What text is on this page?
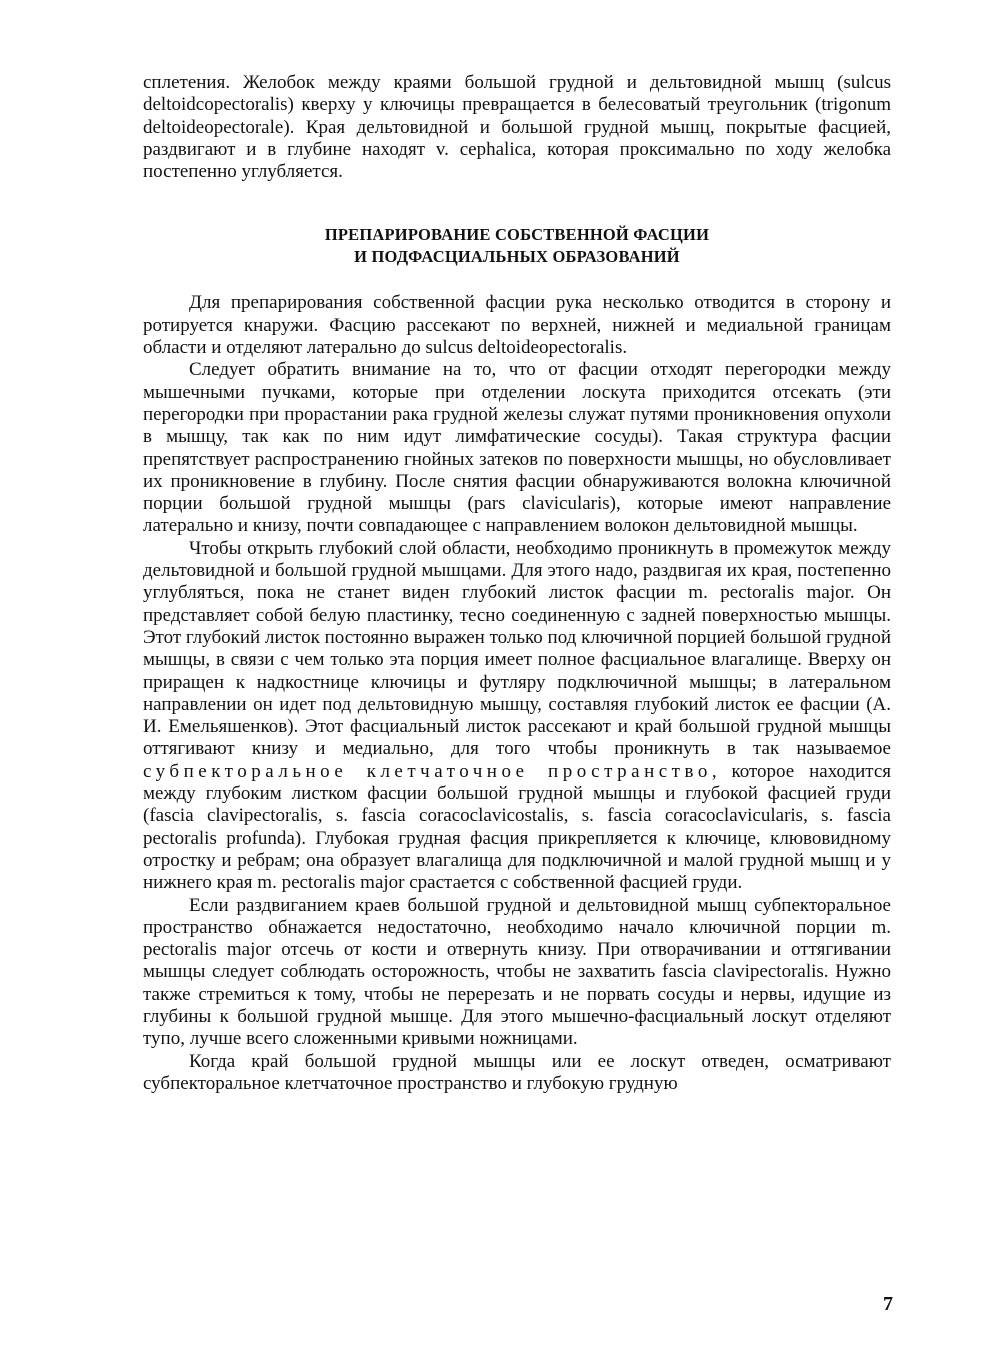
сплетения. Желобок между краями большой грудной и дельтовидной мышц (sulcus deltoidcopectoralis) кверху у ключицы превращается в белесоватый треугольник (trigonum deltoideopectorale). Края дельтовидной и большой грудной мышц, покрытые фасцией, раздвигают и в глубине находят v. cephalica, которая проксимально по ходу желобка постепенно углубляется.

ПРЕПАРИРОВАНИЕ СОБСТВЕННОЙ ФАСЦИИ
И ПОДФАСЦИАЛЬНЫХ ОБРАЗОВАНИЙ

Для препарирования собственной фасции рука несколько отводится в сторону и ротируется кнаружи. Фасцию рассекают по верхней, нижней и медиальной границам области и отделяют латерально до sulcus deltoideopectoralis.

Следует обратить внимание на то, что от фасции отходят перегородки между мышечными пучками, которые при отделении лоскута приходится отсекать (эти перегородки при прорастании рака грудной железы служат путями проникновения опухоли в мышцу, так как по ним идут лимфатические сосуды). Такая структура фасции препятствует распространению гнойных затеков по поверхности мышцы, но обусловливает их проникновение в глубину. После снятия фасции обнаруживаются волокна ключичной порции большой грудной мышцы (pars clavicularis), которые имеют направление латерально и книзу, почти совпадающее с направлением волокон дельтовидной мышцы.

Чтобы открыть глубокий слой области, необходимо проникнуть в промежуток между дельтовидной и большой грудной мышцами. Для этого надо, раздвигая их края, постепенно углубляться, пока не станет виден глубокий листок фасции m. pectoralis major. Он представляет собой белую пластинку, тесно соединенную с задней поверхностью мышцы. Этот глубокий листок постоянно выражен только под ключичной порцией большой грудной мышцы, в связи с чем только эта порция имеет полное фасциальное влагалище. Вверху он приращен к надкостнице ключицы и футляру подключичной мышцы; в латеральном направлении он идет под дельтовидную мышцу, составляя глубокий листок ее фасции (А. И. Емельяшенков). Этот фасциальный листок рассекают и край большой грудной мышцы оттягивают книзу и медиально, для того чтобы проникнуть в так называемое субпекторальное клетчаточное пространство, которое находится между глубоким листком фасции большой грудной мышцы и глубокой фасцией груди (fascia clavipectoralis, s. fascia coracoclavicostalis, s. fascia coracoclavicularis, s. fascia pectoralis profunda). Глубокая грудная фасция прикрепляется к ключице, клювовидному отростку и ребрам; она образует влагалища для подключичной и малой грудной мышц и у нижнего края m. pectoralis major срастается с собственной фасцией груди.

Если раздвиганием краев большой грудной и дельтовидной мышц субпекторальное пространство обнажается недостаточно, необходимо начало ключичной порции m. pectoralis major отсечь от кости и отвернуть книзу. При отворачивании и оттягивании мышцы следует соблюдать осторожность, чтобы не захватить fascia clavipectoralis. Нужно также стремиться к тому, чтобы не перерезать и не порвать сосуды и нервы, идущие из глубины к большой грудной мышце. Для этого мышечно-фасциальный лоскут отделяют тупо, лучше всего сложенными кривыми ножницами.

Когда край большой грудной мышцы или ее лоскут отведен, осматривают субпекторальное клетчаточное пространство и глубокую грудную

7
